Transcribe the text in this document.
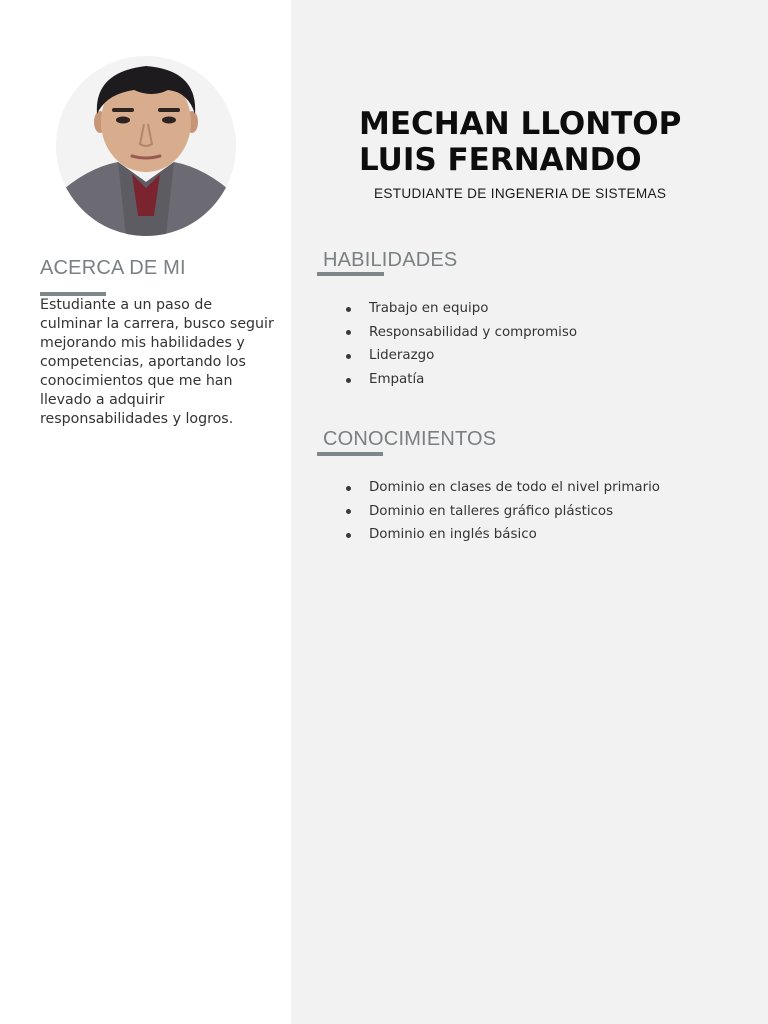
ACERCA DE MI

Estudiante a un paso de culminar la carrera, busco seguir mejorando mis habilidades y competencias, aportando los conocimientos que me han llevado a adquirir responsabilidades y logros.

MECHAN LLONTOP
LUIS FERNANDO

ESTUDIANTE DE INGENERIA DE SISTEMAS

HABILIDADES
Trabajo en equipo
Responsabilidad y compromiso
Liderazgo
Empatía
CONOCIMIENTOS
Dominio en clases de todo el nivel primario
Dominio en talleres gráfico plásticos
Dominio en inglés básico
